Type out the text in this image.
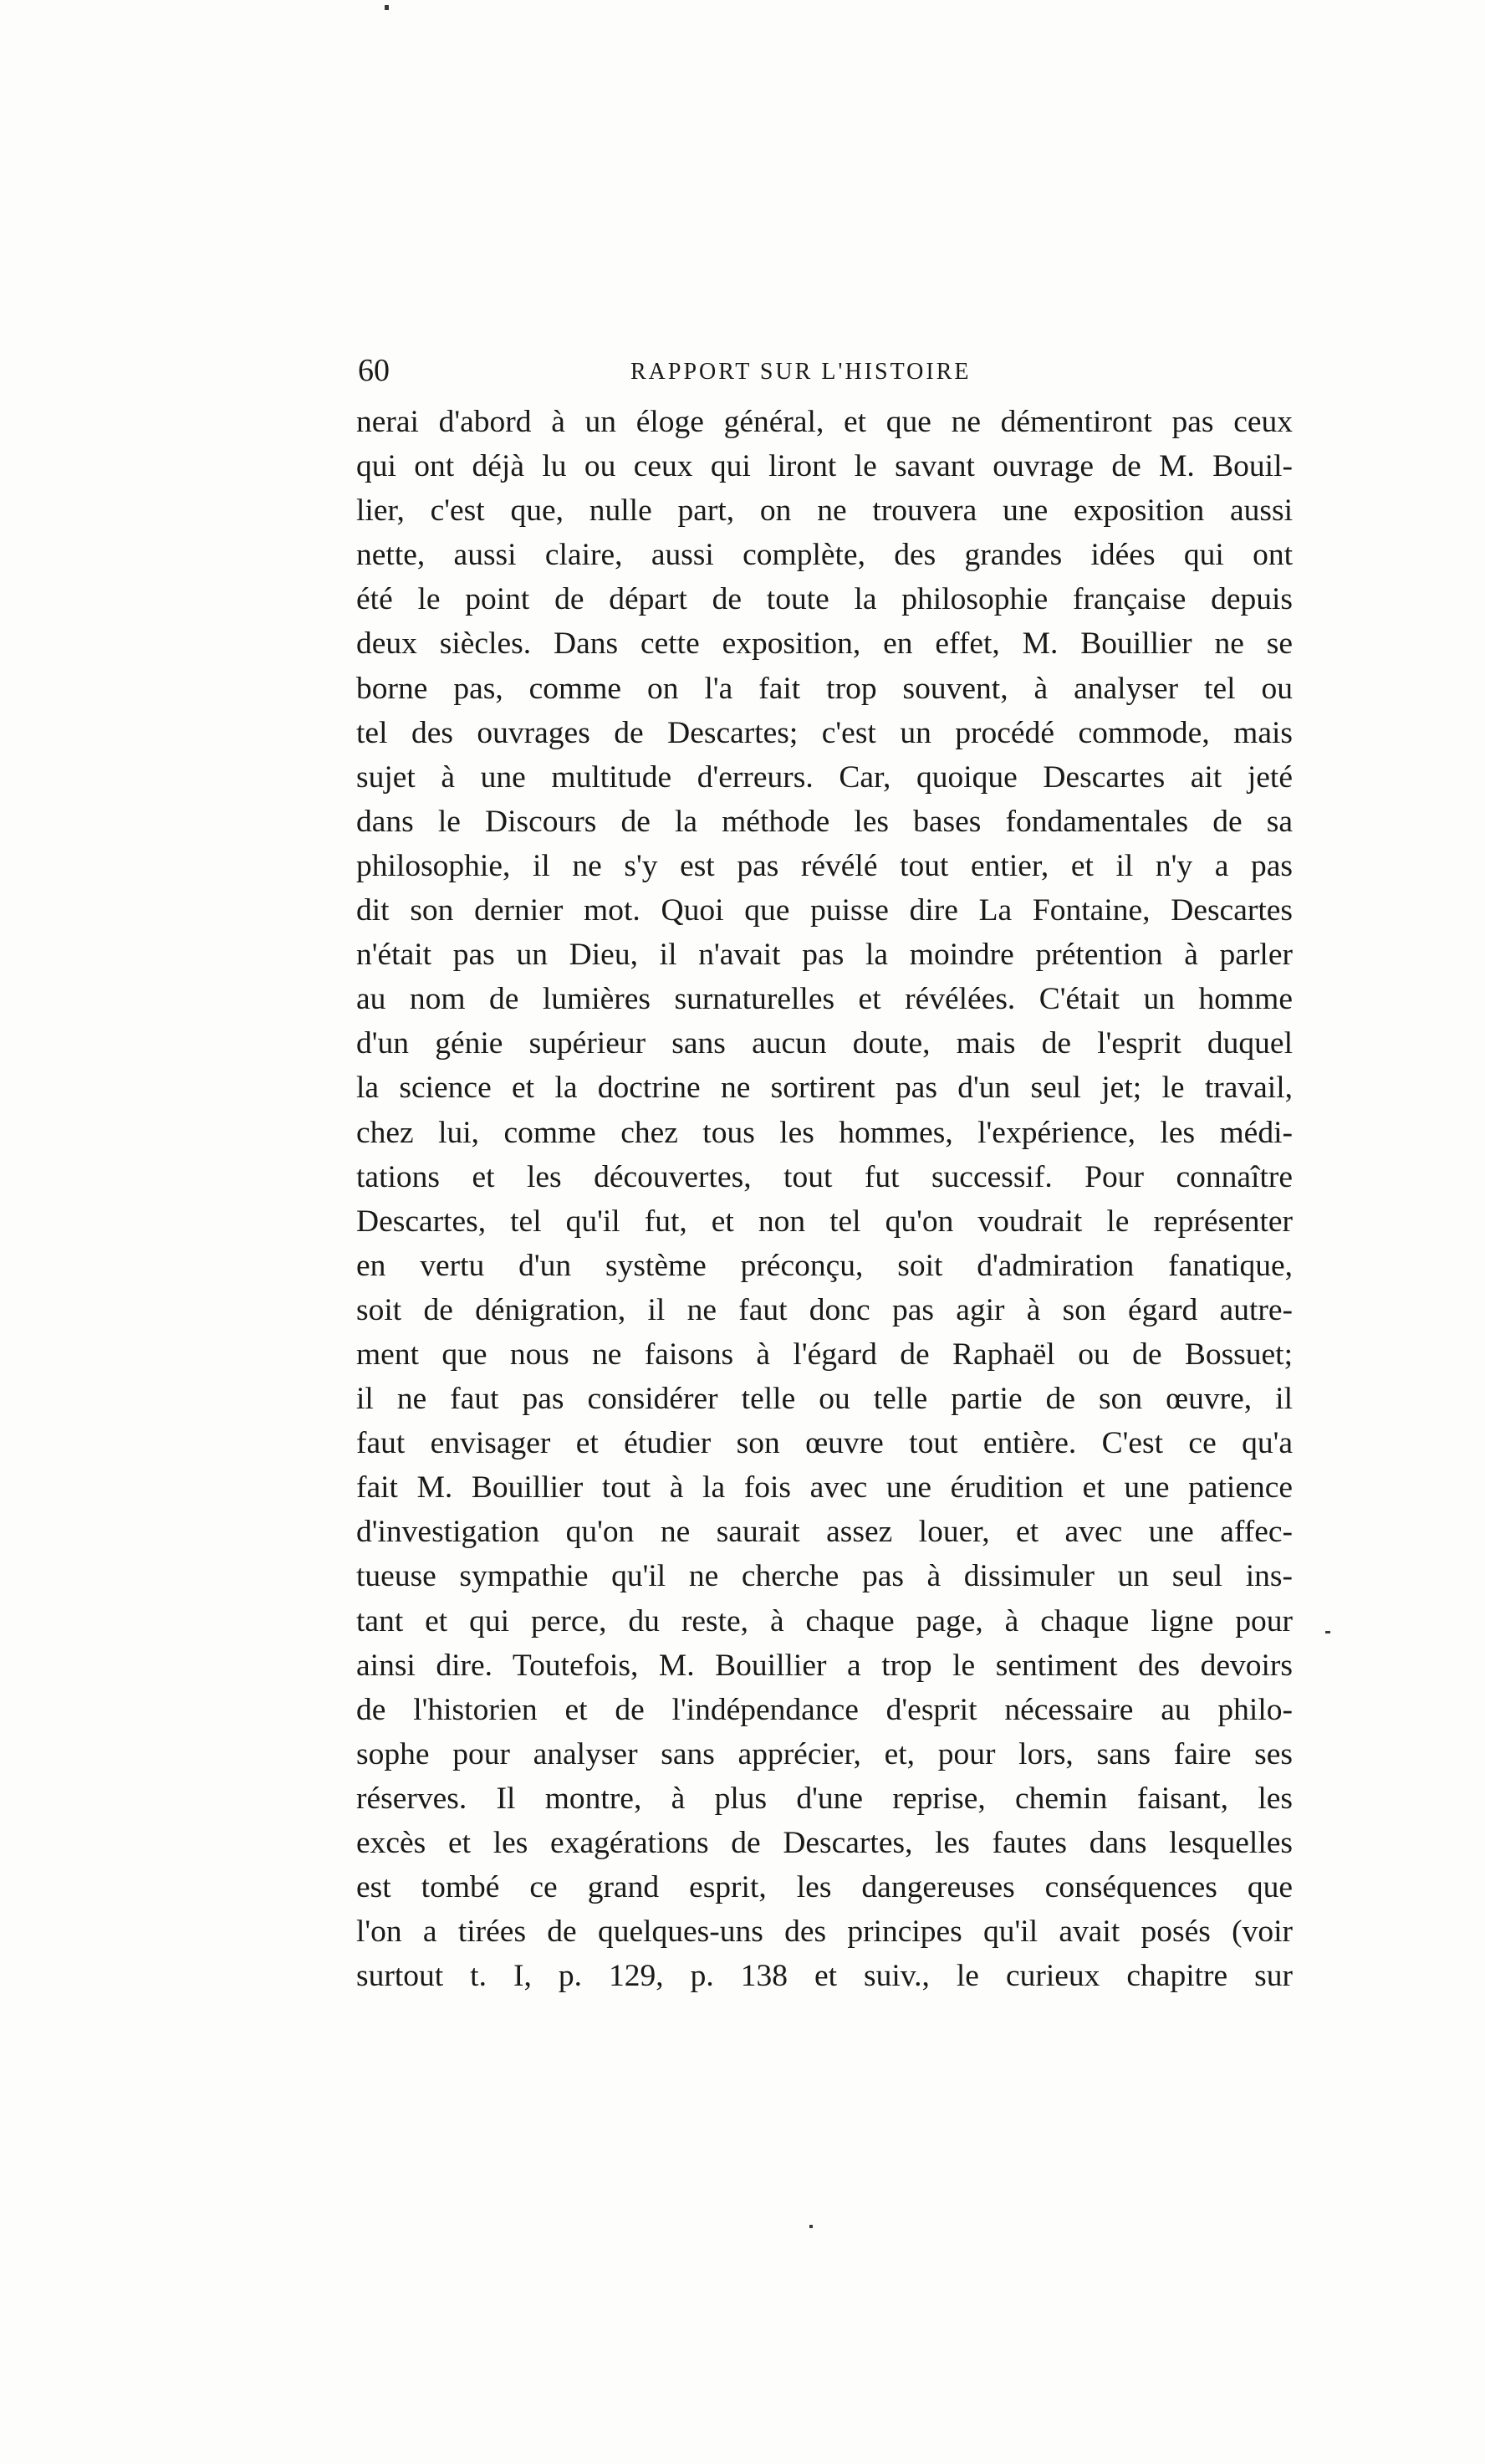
60	RAPPORT SUR L'HISTOIRE
nerai d'abord à un éloge général, et que ne démentiront pas ceux
qui ont déjà lu ou ceux qui liront le savant ouvrage de M. Bouil-
lier, c'est que, nulle part, on ne trouvera une exposition aussi
nette, aussi claire, aussi complète, des grandes idées qui ont
été le point de départ de toute la philosophie française depuis
deux siècles. Dans cette exposition, en effet, M. Bouillier ne se
borne pas, comme on l'a fait trop souvent, à analyser tel ou
tel des ouvrages de Descartes; c'est un procédé commode, mais
sujet à une multitude d'erreurs. Car, quoique Descartes ait jeté
dans le Discours de la méthode les bases fondamentales de sa
philosophie, il ne s'y est pas révélé tout entier, et il n'y a pas
dit son dernier mot. Quoi que puisse dire La Fontaine, Descartes
n'était pas un Dieu, il n'avait pas la moindre prétention à parler
au nom de lumières surnaturelles et révélées. C'était un homme
d'un génie supérieur sans aucun doute, mais de l'esprit duquel
la science et la doctrine ne sortirent pas d'un seul jet; le travail,
chez lui, comme chez tous les hommes, l'expérience, les médi-
tations et les découvertes, tout fut successif. Pour connaître
Descartes, tel qu'il fut, et non tel qu'on voudrait le représenter
en vertu d'un système préconçu, soit d'admiration fanatique,
soit de dénigration, il ne faut donc pas agir à son égard autre-
ment que nous ne faisons à l'égard de Raphaël ou de Bossuet;
il ne faut pas considérer telle ou telle partie de son œuvre, il
faut envisager et étudier son œuvre tout entière. C'est ce qu'a
fait M. Bouillier tout à la fois avec une érudition et une patience
d'investigation qu'on ne saurait assez louer, et avec une affec-
tueuse sympathie qu'il ne cherche pas à dissimuler un seul ins-
tant et qui perce, du reste, à chaque page, à chaque ligne pour
ainsi dire. Toutefois, M. Bouillier a trop le sentiment des devoirs
de l'historien et de l'indépendance d'esprit nécessaire au philo-
sophe pour analyser sans apprécier, et, pour lors, sans faire ses
réserves. Il montre, à plus d'une reprise, chemin faisant, les
excès et les exagérations de Descartes, les fautes dans lesquelles
est tombé ce grand esprit, les dangereuses conséquences que
l'on a tirées de quelques-uns des principes qu'il avait posés (voir
surtout t. I, p. 129, p. 138 et suiv., le curieux chapitre sur
